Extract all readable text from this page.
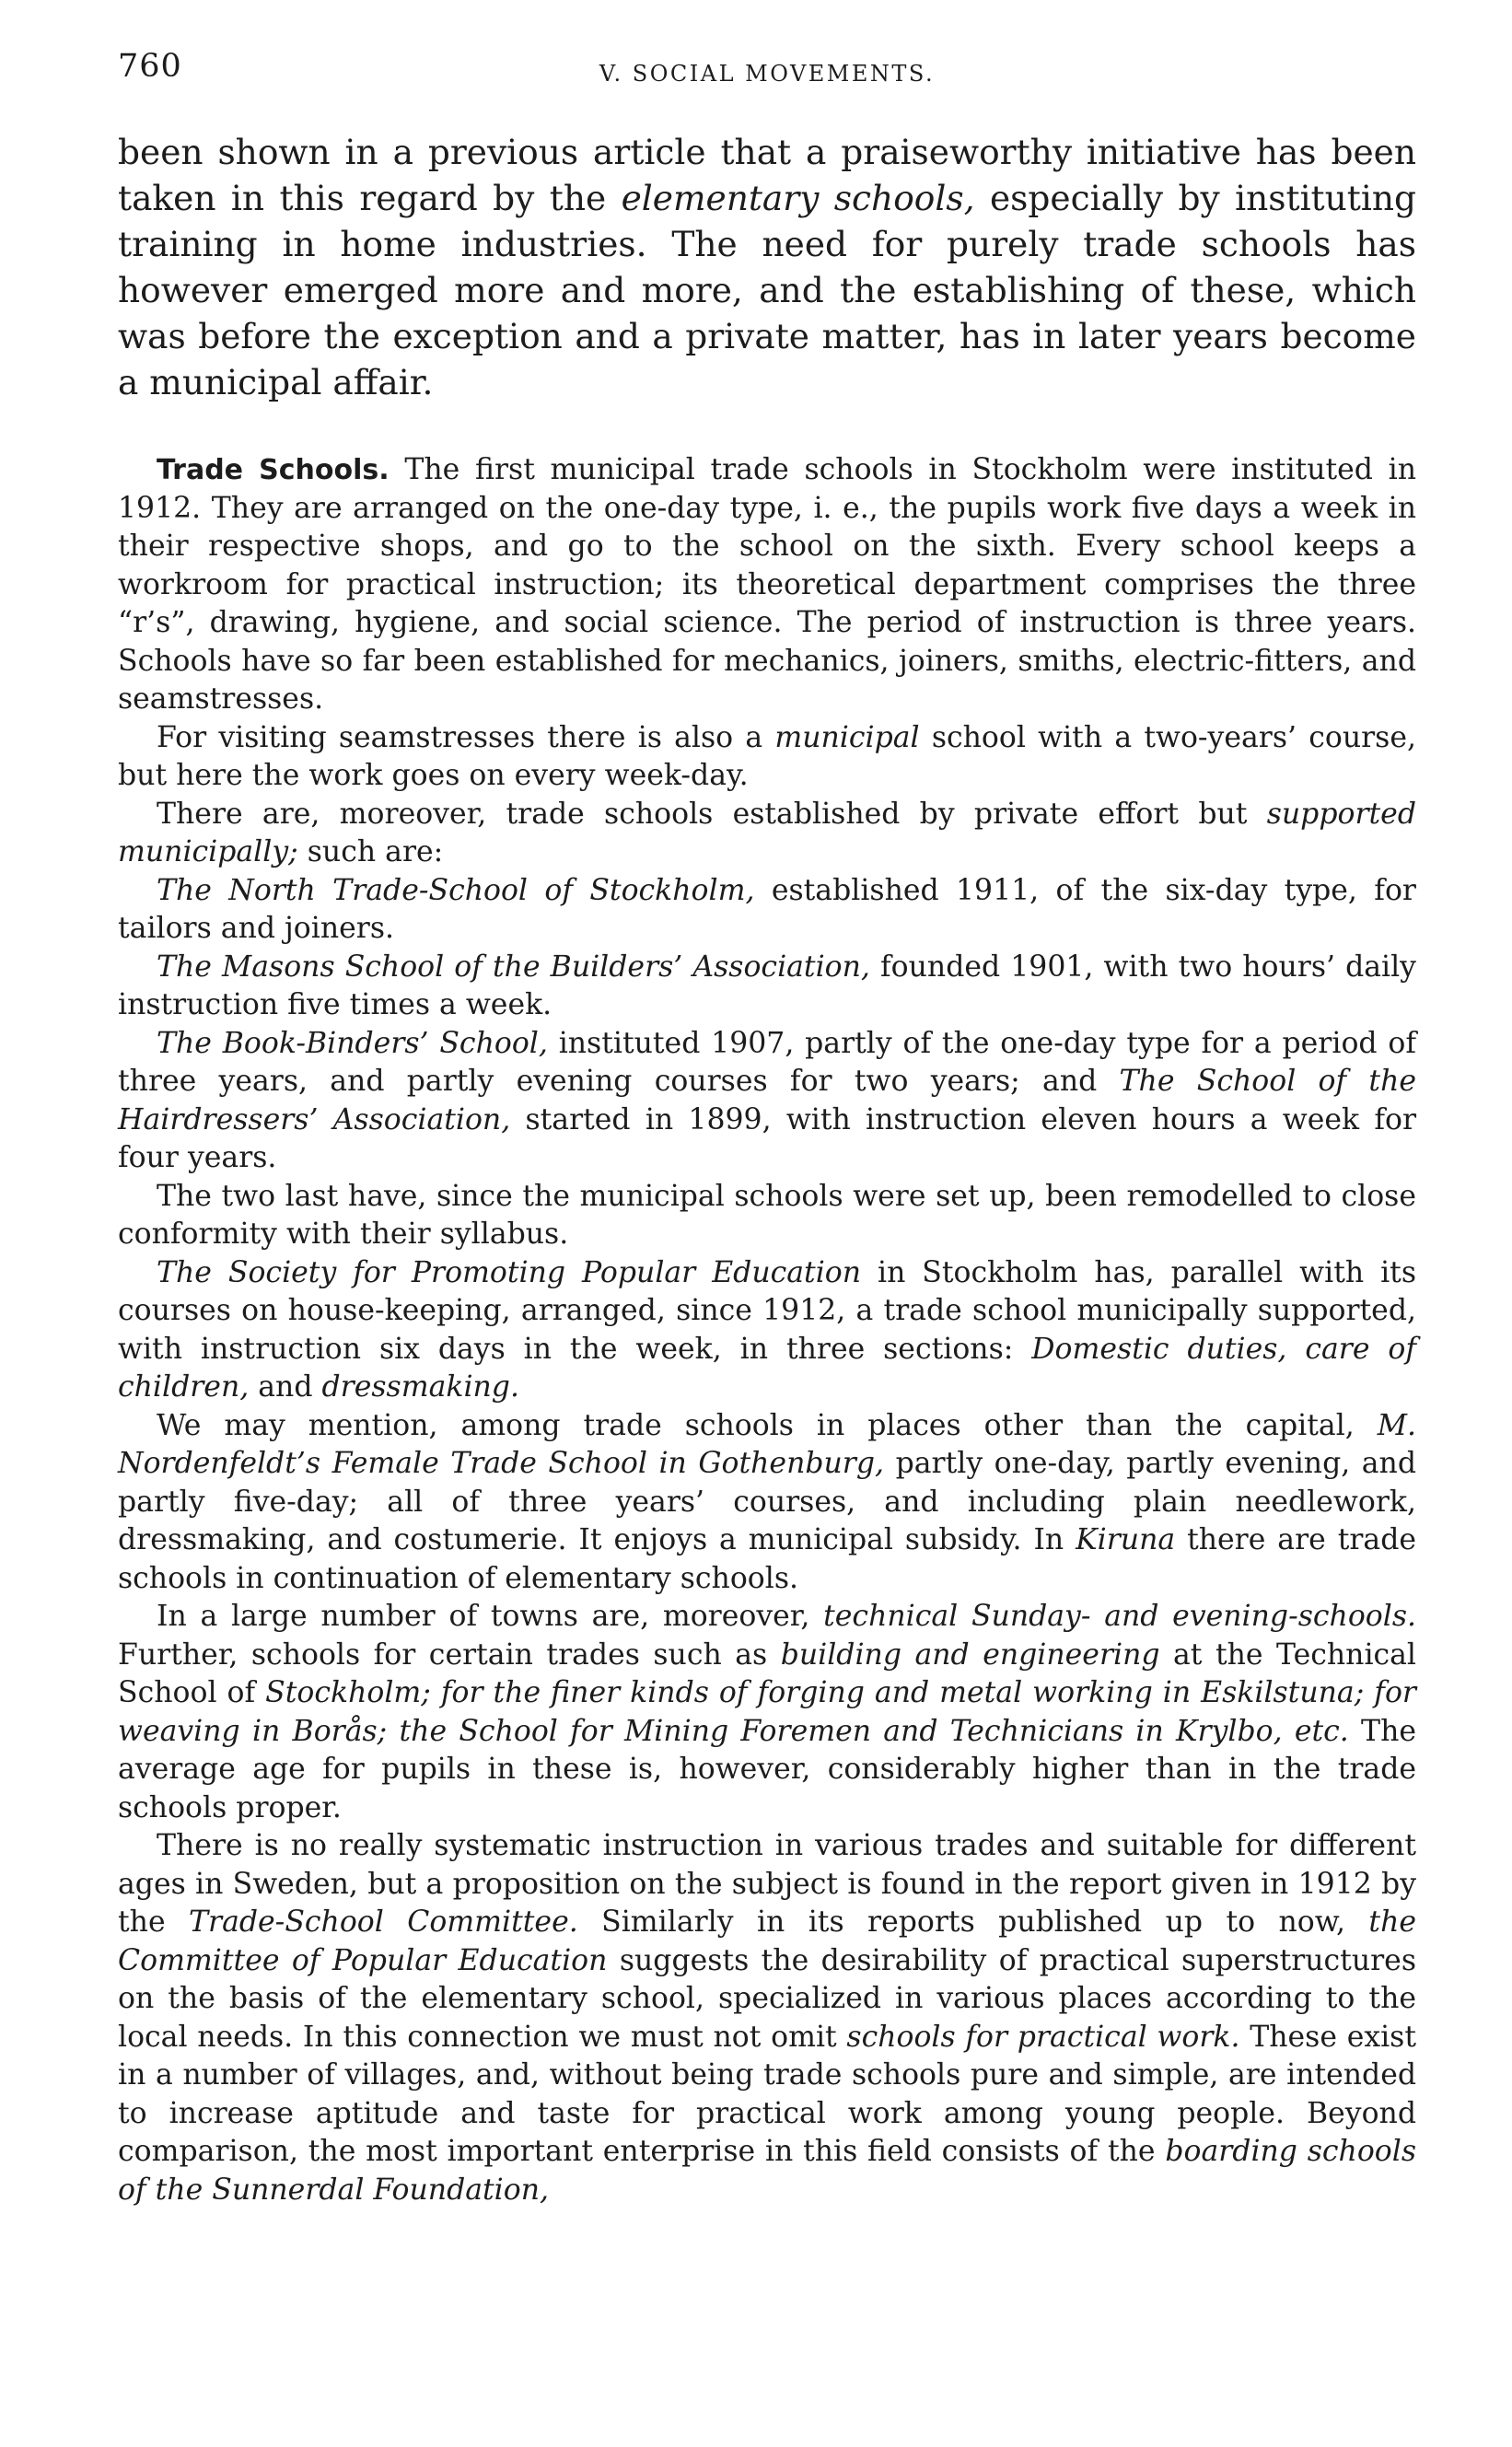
760	V. SOCIAL MOVEMENTS.

been shown in a previous article that a praiseworthy initiative has been taken in this regard by the elementary schools, especially by instituting training in home industries. The need for purely trade schools has however emerged more and more, and the establishing of these, which was before the exception and a private matter, has in later years become a municipal affair.

Trade Schools. The first municipal trade schools in Stockholm were instituted in 1912. They are arranged on the one-day type, i. e., the pupils work five days a week in their respective shops, and go to the school on the sixth. Every school keeps a workroom for practical instruction; its theoretical department comprises the three “r’s”, drawing, hygiene, and social science. The period of instruction is three years. Schools have so far been established for mechanics, joiners, smiths, electric-fitters, and seamstresses.

For visiting seamstresses there is also a municipal school with a two-years’ course, but here the work goes on every week-day.

There are, moreover, trade schools established by private effort but supported municipally; such are:

The North Trade-School of Stockholm, established 1911, of the six-day type, for tailors and joiners.

The Masons School of the Builders’ Association, founded 1901, with two hours’ daily instruction five times a week.

The Book-Binders’ School, instituted 1907, partly of the one-day type for a period of three years, and partly evening courses for two years; and The School of the Hairdressers’ Association, started in 1899, with instruction eleven hours a week for four years.

The two last have, since the municipal schools were set up, been remodelled to close conformity with their syllabus.

The Society for Promoting Popular Education in Stockholm has, parallel with its courses on house-keeping, arranged, since 1912, a trade school municipally supported, with instruction six days in the week, in three sections: Domestic duties, care of children, and dressmaking.

We may mention, among trade schools in places other than the capital, M. Nordenfeldt’s Female Trade School in Gothenburg, partly one-day, partly evening, and partly five-day; all of three years’ courses, and including plain needlework, dressmaking, and costumerie. It enjoys a municipal subsidy. In Kiruna there are trade schools in continuation of elementary schools.

In a large number of towns are, moreover, technical Sunday- and evening-schools. Further, schools for certain trades such as building and engineering at the Technical School of Stockholm; for the finer kinds of forging and metal working in Eskilstuna; for weaving in Borås; the School for Mining Foremen and Technicians in Krylbo, etc. The average age for pupils in these is, however, considerably higher than in the trade schools proper.

There is no really systematic instruction in various trades and suitable for different ages in Sweden, but a proposition on the subject is found in the report given in 1912 by the Trade-School Committee. Similarly in its reports published up to now, the Committee of Popular Education suggests the desirability of practical superstructures on the basis of the elementary school, specialized in various places according to the local needs. In this connection we must not omit schools for practical work. These exist in a number of villages, and, without being trade schools pure and simple, are intended to increase aptitude and taste for practical work among young people. Beyond comparison, the most important enterprise in this field consists of the boarding schools of the Sunnerdal Foundation,
